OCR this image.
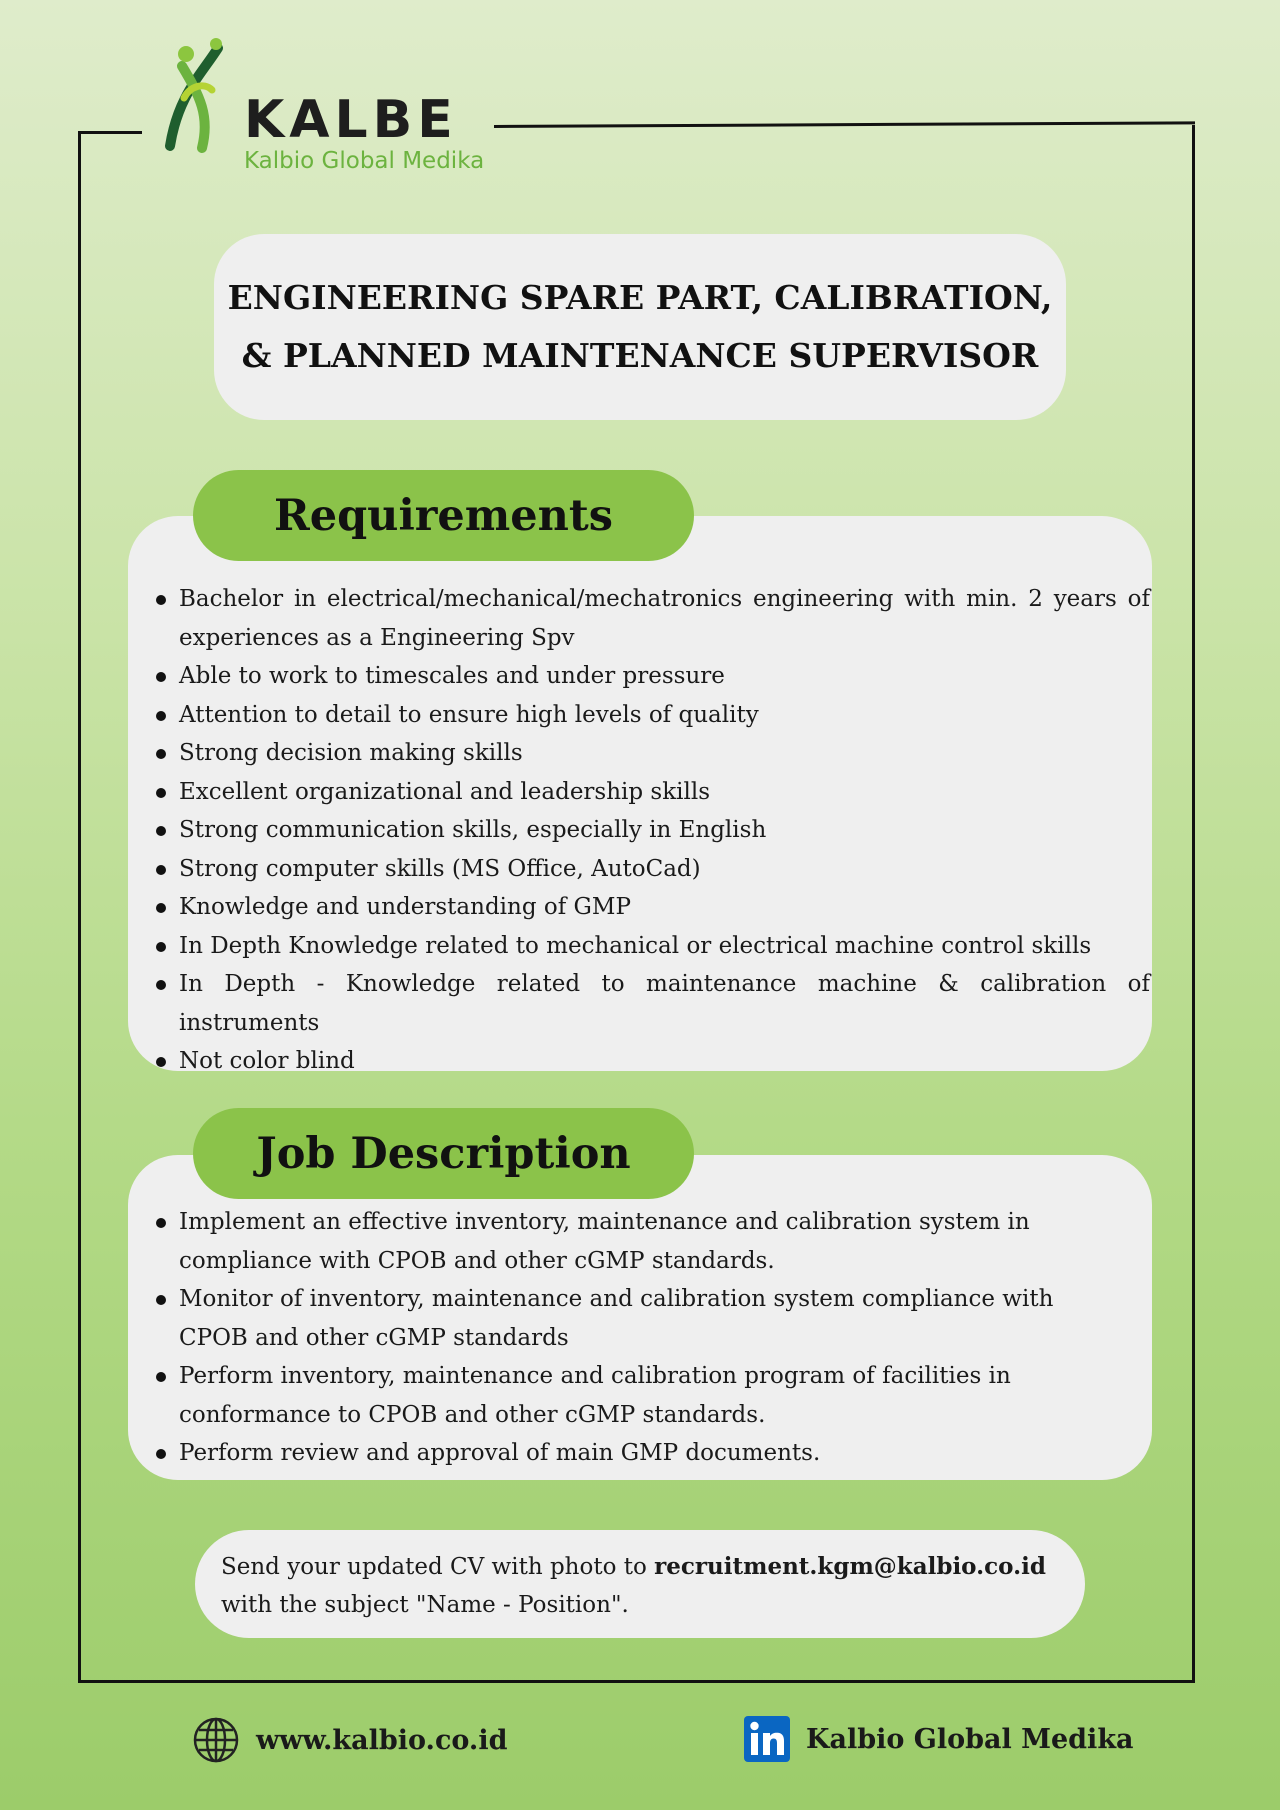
KALBE
Kalbio Global Medika
ENGINEERING SPARE PART, CALIBRATION,
& PLANNED MAINTENANCE SUPERVISOR
Bachelor in electrical/mechanical/mechatronics engineering with min. 2 years of experiences as a Engineering Spv
Able to work to timescales and under pressure
Attention to detail to ensure high levels of quality
Strong decision making skills
Excellent organizational and leadership skills
Strong communication skills, especially in English
Strong computer skills (MS Office, AutoCad)
Knowledge and understanding of GMP
In Depth Knowledge related to mechanical or electrical machine control skills
In Depth - Knowledge related to maintenance machine & calibration of instruments
Not color blind
Requirements
Implement an effective inventory, maintenance and calibration system in compliance with CPOB and other cGMP standards.
Monitor of inventory, maintenance and calibration system compliance with CPOB and other cGMP standards
Perform inventory, maintenance and calibration program of facilities in conformance to CPOB and other cGMP standards.
Perform review and approval of main GMP documents.
Job Description
Send your updated CV with photo to recruitment.kgm@kalbio.co.id
with the subject "Name - Position".
www.kalbio.co.id	Kalbio Global Medika
